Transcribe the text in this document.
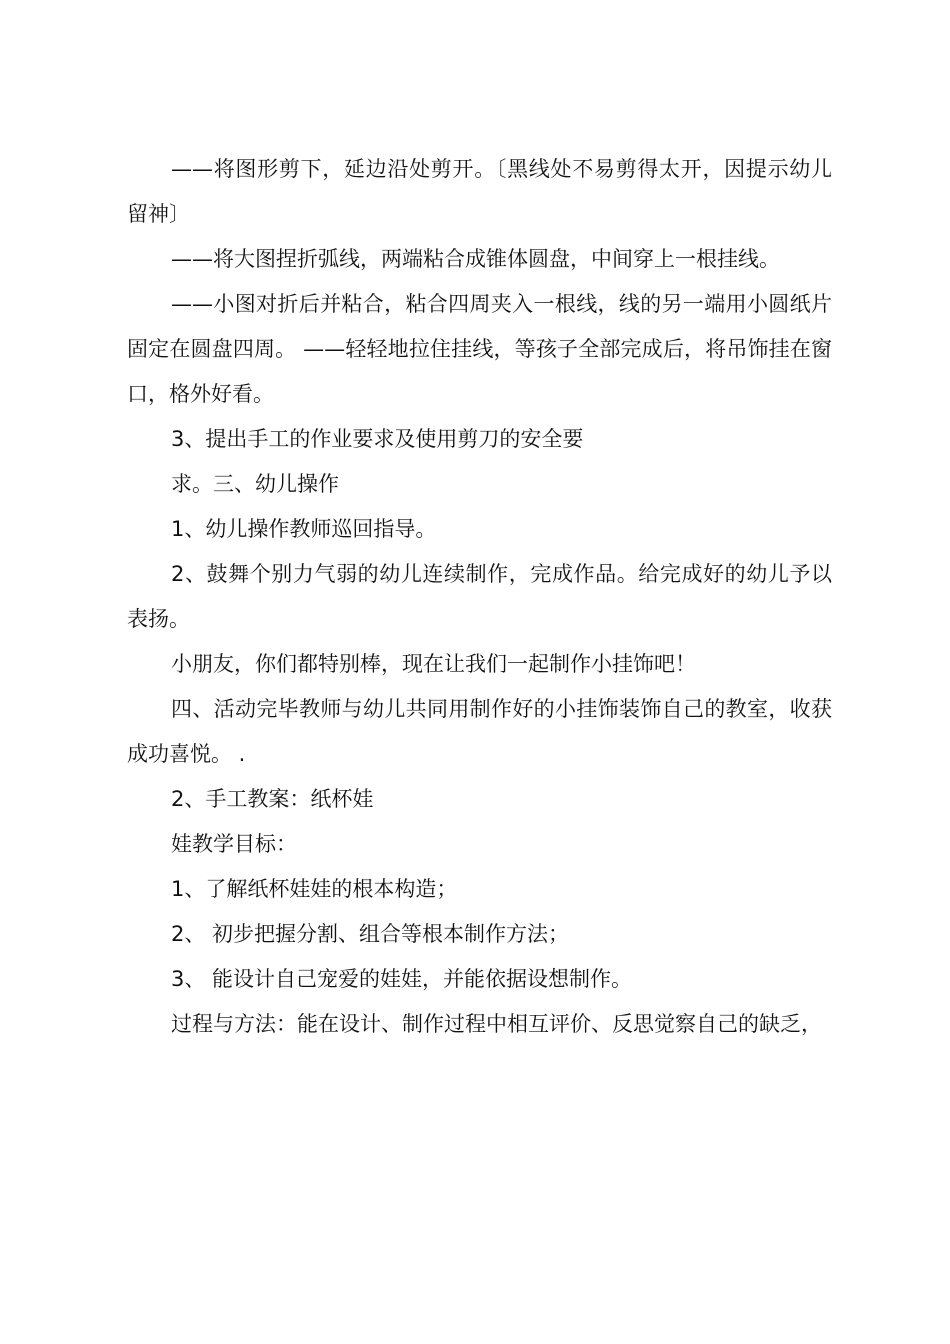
——将图形剪下，延边沿处剪开。〔黑线处不易剪得太开，因提示幼儿留神〕

——将大图捏折弧线，两端粘合成锥体圆盘，中间穿上一根挂线。

——小图对折后并粘合，粘合四周夹入一根线，线的另一端用小圆纸片固定在圆盘四周。 ——轻轻地拉住挂线，等孩子全部完成后，将吊饰挂在窗口，格外好看。

3、提出手工的作业要求及使用剪刀的安全要

求。三、幼儿操作

1、幼儿操作教师巡回指导。

2、鼓舞个别力气弱的幼儿连续制作，完成作品。给完成好的幼儿予以表扬。

小朋友，你们都特别棒，现在让我们一起制作小挂饰吧！

四、活动完毕教师与幼儿共同用制作好的小挂饰装饰自己的教室，收获成功喜悦。 .

2、手工教案：纸杯娃

娃教学目标：

1、了解纸杯娃娃的根本构造；

2、 初步把握分割、组合等根本制作方法；

3、 能设计自己宠爱的娃娃，并能依据设想制作。

过程与方法：能在设计、制作过程中相互评价、反思觉察自己的缺乏，
